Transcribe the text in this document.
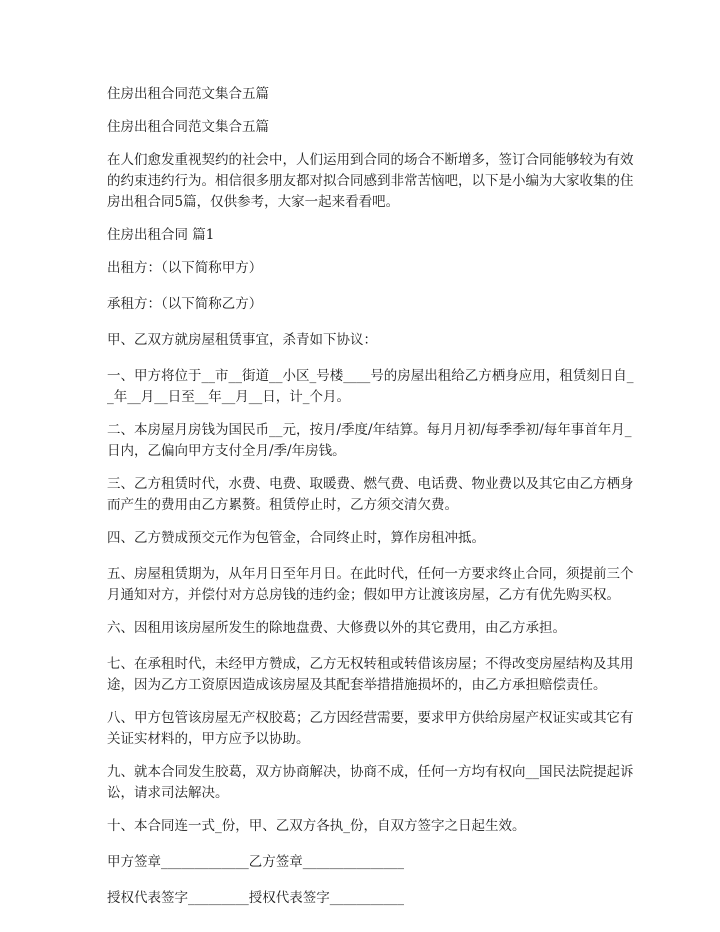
住房出租合同范文集合五篇

住房出租合同范文集合五篇

在人们愈发重视契约的社会中，人们运用到合同的场合不断增多，签订合同能够较为有效的约束违约行为。相信很多朋友都对拟合同感到非常苦恼吧，以下是小编为大家收集的住房出租合同5篇，仅供参考，大家一起来看看吧。

住房出租合同 篇1

出租方：（以下简称甲方）

承租方：（以下简称乙方）

甲、乙双方就房屋租赁事宜，杀青如下协议：

一、甲方将位于__市__街道__小区_号楼____号的房屋出租给乙方栖身应用，租赁刻日自__年__月__日至__年__月__日，计_个月。

二、本房屋月房钱为国民币__元，按月/季度/年结算。每月月初/每季季初/每年事首年月_日内，乙偏向甲方支付全月/季/年房钱。

三、乙方租赁时代，水费、电费、取暖费、燃气费、电话费、物业费以及其它由乙方栖身而产生的费用由乙方累赘。租赁停止时，乙方须交清欠费。

四、乙方赞成预交元作为包管金，合同终止时，算作房租冲抵。

五、房屋租赁期为，从年月日至年月日。在此时代，任何一方要求终止合同，须提前三个月通知对方，并偿付对方总房钱的违约金；假如甲方让渡该房屋，乙方有优先购买权。

六、因租用该房屋所发生的除地盘费、大修费以外的其它费用，由乙方承担。

七、在承租时代，未经甲方赞成，乙方无权转租或转借该房屋；不得改变房屋结构及其用途，因为乙方工资原因造成该房屋及其配套举措措施损坏的，由乙方承担赔偿责任。

八、甲方包管该房屋无产权胶葛；乙方因经营需要，要求甲方供给房屋产权证实或其它有关证实材料的，甲方应予以协助。

九、就本合同发生胶葛，双方协商解决，协商不成，任何一方均有权向__国民法院提起诉讼，请求司法解决。

十、本合同连一式_份，甲、乙双方各执_份，自双方签字之日起生效。

甲方签章_____________乙方签章_______________

授权代表签字_________授权代表签字___________
